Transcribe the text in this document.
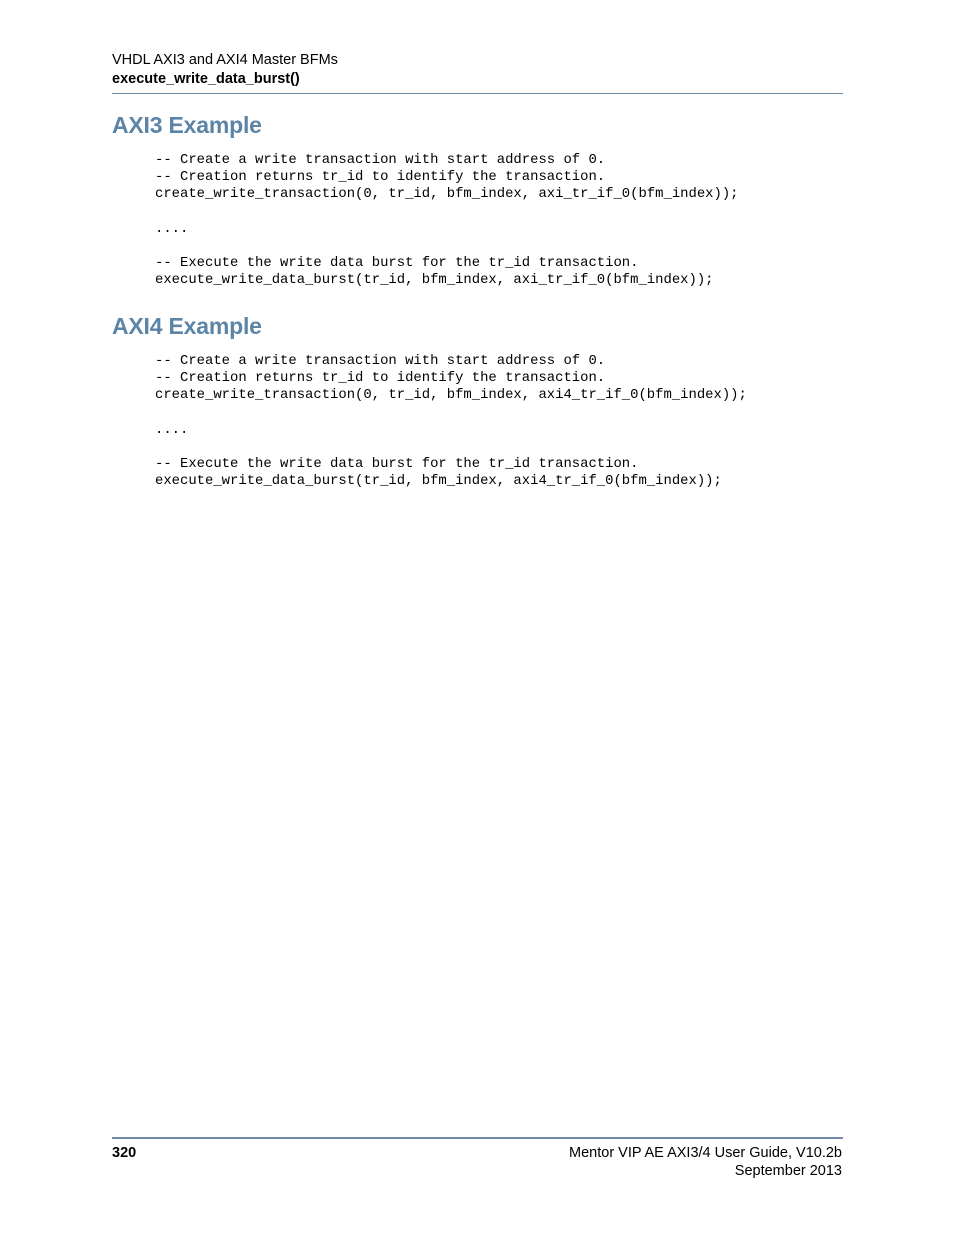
VHDL AXI3 and AXI4 Master BFMs
execute_write_data_burst()
AXI3 Example
-- Create a write transaction with start address of 0.
-- Creation returns tr_id to identify the transaction.
create_write_transaction(0, tr_id, bfm_index, axi_tr_if_0(bfm_index));

....

-- Execute the write data burst for the tr_id transaction.
execute_write_data_burst(tr_id, bfm_index, axi_tr_if_0(bfm_index));
AXI4 Example
-- Create a write transaction with start address of 0.
-- Creation returns tr_id to identify the transaction.
create_write_transaction(0, tr_id, bfm_index, axi4_tr_if_0(bfm_index));

....

-- Execute the write data burst for the tr_id transaction.
execute_write_data_burst(tr_id, bfm_index, axi4_tr_if_0(bfm_index));
320	Mentor VIP AE AXI3/4 User Guide, V10.2b
September 2013
